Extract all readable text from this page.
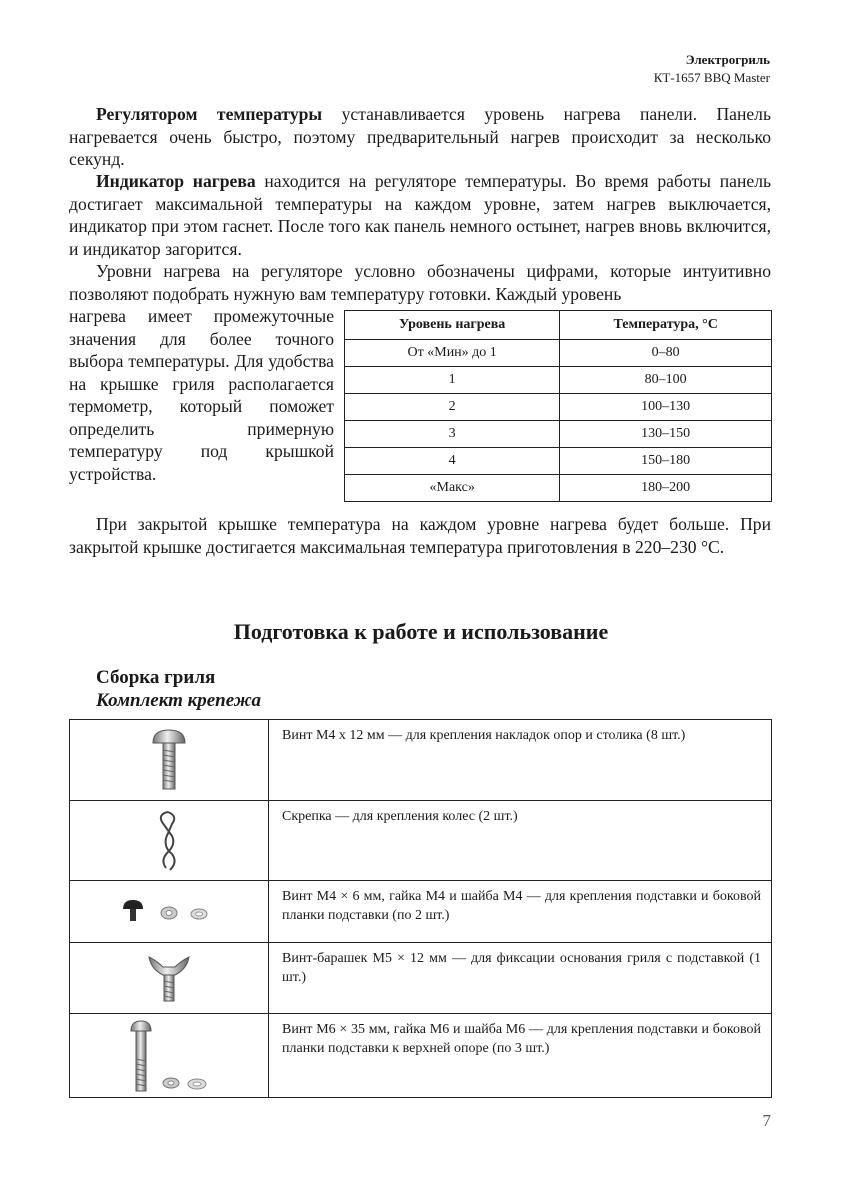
Электрогриль
КТ-1657 BBQ Master

Регулятором температуры устанавливается уровень нагрева панели. Панель нагревается очень быстро, поэтому предварительный нагрев происходит за несколько секунд.

Индикатор нагрева находится на регуляторе температуры. Во время работы панель достигает максимальной температуры на каждом уровне, затем нагрев выключается, индикатор при этом гаснет. После того как панель немного остынет, нагрев вновь включится, и индикатор загорится.

Уровни нагрева на регуляторе условно обозначены цифрами, которые интуитивно позволяют подобрать нужную вам температуру готовки. Каждый уровень

нагрева имеет промежуточные
значения для более точного выбора температуры. Для удобства на крышке гриля располагается термометр, который поможет определить примерную температуру под крышкой устройства.

Уровень нагрева	Температура, °С
От «Мин» до 1	0–80
1	80–100
2	100–130
3	130–150
4	150–180
«Макс»	180–200

При закрытой крышке температура на каждом уровне нагрева будет больше. При закрытой крышке достигается максимальная температура приготовления в 220–230 °С.

Подготовка к работе и использование
Сборка гриля
Комплект крепежа
	Винт М4 х 12 мм — для крепления накладок опор и столика (8 шт.)

	Скрепка — для крепления колес (2 шт.)

	Винт М4 × 6 мм, гайка М4 и шайба М4 — для крепления подставки и боковой планки подставки (по 2 шт.)

	Винт-барашек М5 × 12 мм — для фиксации основания гриля с подставкой (1 шт.)

	Винт М6 × 35 мм, гайка М6 и шайба М6 — для крепления подставки и боковой планки подставки к верхней опоре (по 3 шт.)
7
